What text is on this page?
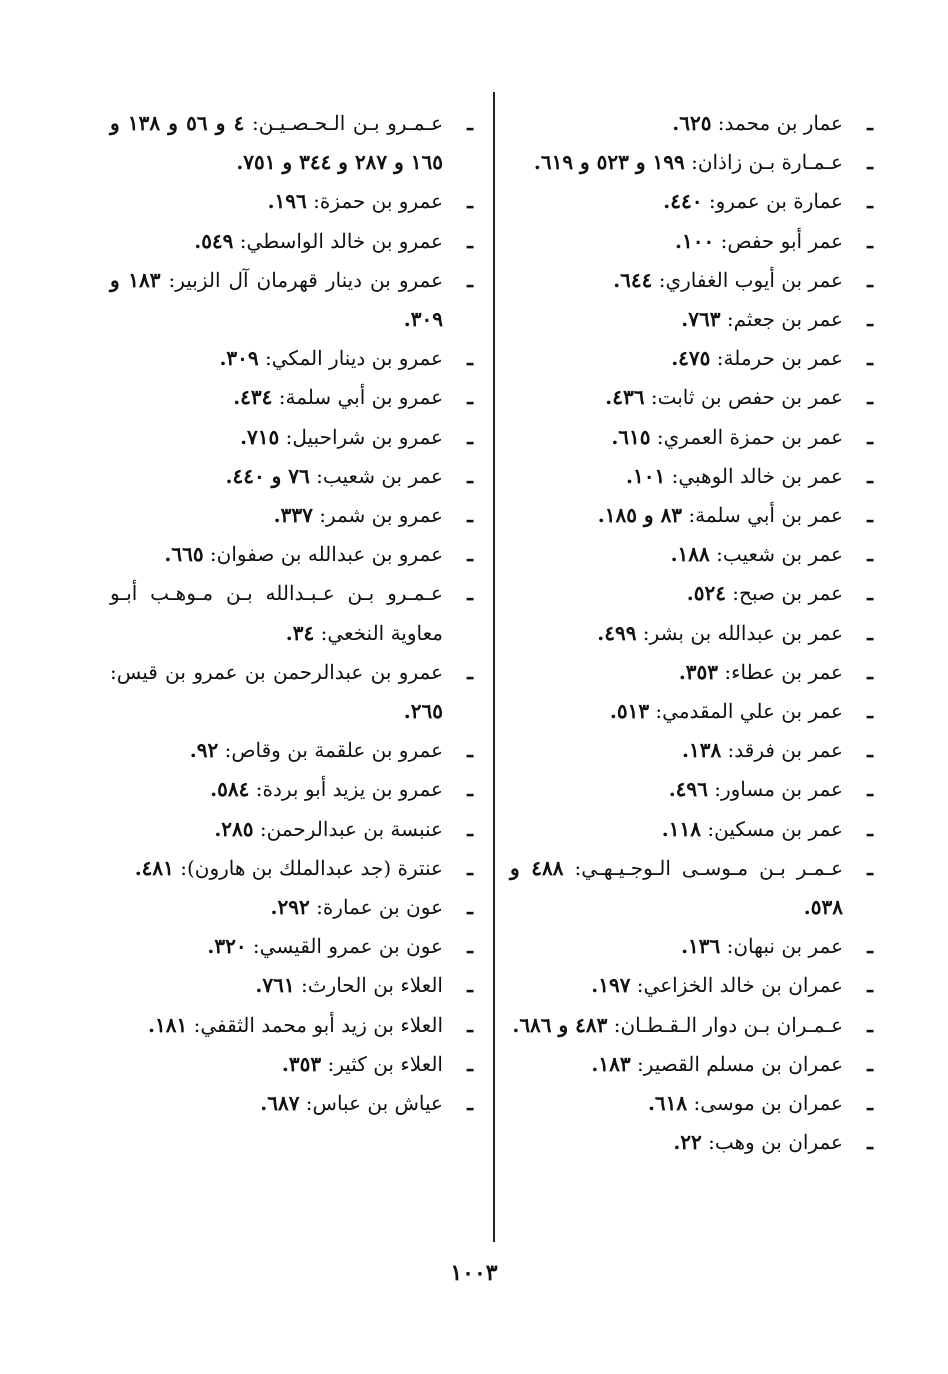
ـ
عمار بن محمد: ٦٢٥.
ـ
عـمـارة بـن زاذان: ١٩٩ و ٥٢٣ و ٦١٩.
ـ
عمارة بن عمرو: ٤٤٠.
ـ
عمر أبو حفص: ١٠٠.
ـ
عمر بن أيوب الغفاري: ٦٤٤.
ـ
عمر بن جعثم: ٧٦٣.
ـ
عمر بن حرملة: ٤٧٥.
ـ
عمر بن حفص بن ثابت: ٤٣٦.
ـ
عمر بن حمزة العمري: ٦١٥.
ـ
عمر بن خالد الوهبي: ١٠١.
ـ
عمر بن أبي سلمة: ٨٣ و ١٨٥.
ـ
عمر بن شعيب: ١٨٨.
ـ
عمر بن صبح: ٥٢٤.
ـ
عمر بن عبدالله بن بشر: ٤٩٩.
ـ
عمر بن عطاء: ٣٥٣.
ـ
عمر بن علي المقدمي: ٥١٣.
ـ
عمر بن فرقد: ١٣٨.
ـ
عمر بن مساور: ٤٩٦.
ـ
عمر بن مسكين: ١١٨.
ـ
عـمـر بـن مـوسـى الـوجـيـهـي: ٤٨٨ و ٥٣٨.
ـ
عمر بن نبهان: ١٣٦.
ـ
عمران بن خالد الخزاعي: ١٩٧.
ـ
عـمـران بـن دوار الـقـطـان: ٤٨٣ و ٦٨٦.
ـ
عمران بن مسلم القصير: ١٨٣.
ـ
عمران بن موسى: ٦١٨.
ـ
عمران بن وهب: ٢٢.
ـ
عـمـرو بـن الـحـصـيـن: ٤ و ٥٦ و ١٣٨ و ١٦٥ و ٢٨٧ و ٣٤٤ و ٧٥١.
ـ
عمرو بن حمزة: ١٩٦.
ـ
عمرو بن خالد الواسطي: ٥٤٩.
ـ
عمرو بن دينار قهرمان آل الزبير: ١٨٣ و ٣٠٩.
ـ
عمرو بن دينار المكي: ٣٠٩.
ـ
عمرو بن أبي سلمة: ٤٣٤.
ـ
عمرو بن شراحبيل: ٧١٥.
ـ
عمر بن شعيب: ٧٦ و ٤٤٠.
ـ
عمرو بن شمر: ٣٣٧.
ـ
عمرو بن عبدالله بن صفوان: ٦٦٥.
ـ
عـمـرو بـن عـبـدالله بـن مـوهـب أبـو معاوية النخعي: ٣٤.
ـ
عمرو بن عبدالرحمن بن عمرو بن قيس: ٢٦٥.
ـ
عمرو بن علقمة بن وقاص: ٩٢.
ـ
عمرو بن يزيد أبو بردة: ٥٨٤.
ـ
عنبسة بن عبدالرحمن: ٢٨٥.
ـ
عنترة (جد عبدالملك بن هارون): ٤٨١.
ـ
عون بن عمارة: ٢٩٢.
ـ
عون بن عمرو القيسي: ٣٢٠.
ـ
العلاء بن الحارث: ٧٦١.
ـ
العلاء بن زيد أبو محمد الثقفي: ١٨١.
ـ
العلاء بن كثير: ٣٥٣.
ـ
عياش بن عباس: ٦٨٧.
١٠٠٣
